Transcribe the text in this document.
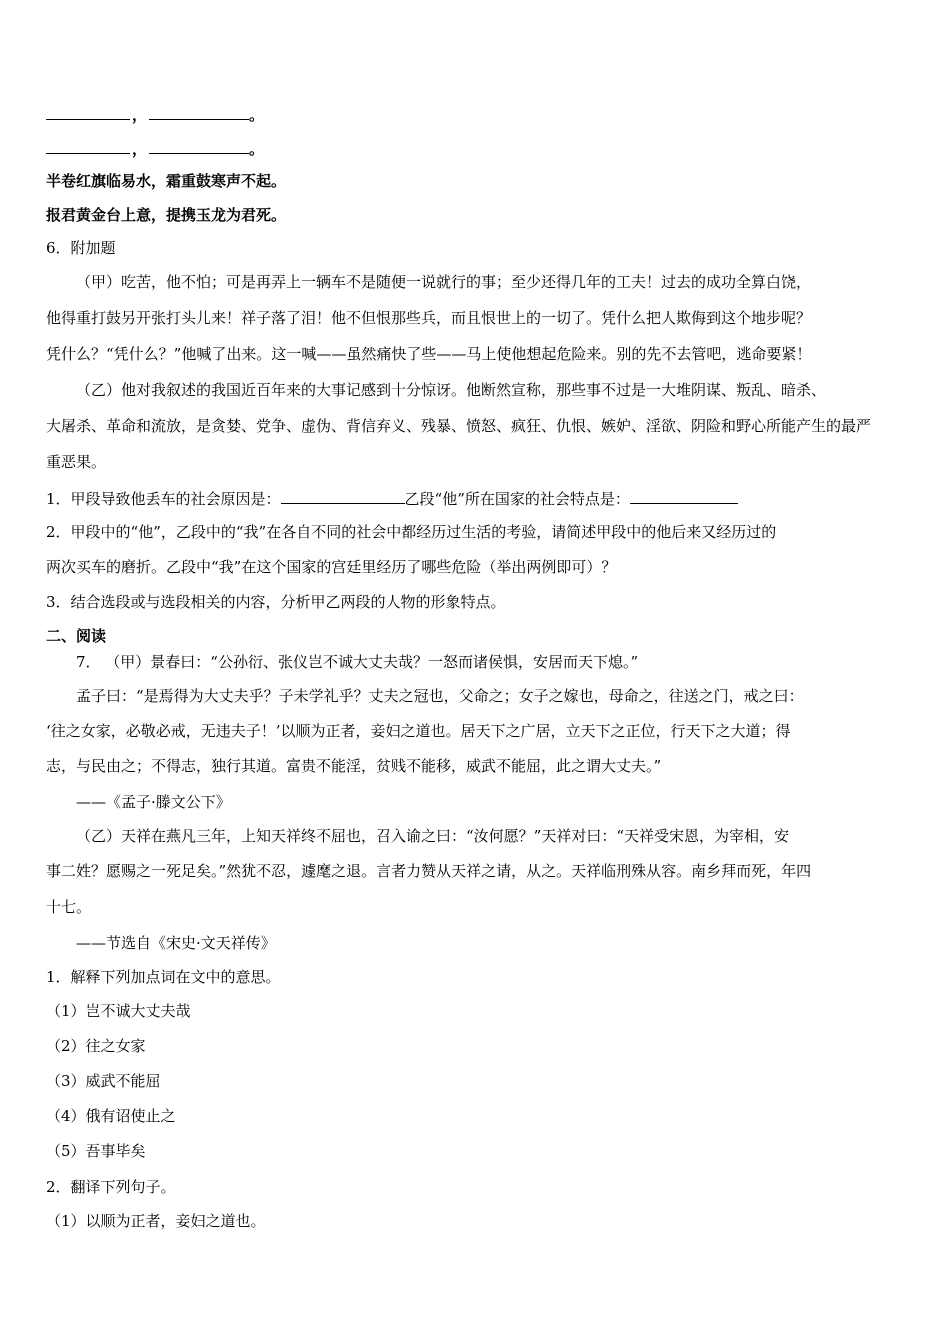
，	。
，	。
半卷红旗临易水，霜重鼓寒声不起。
报君黄金台上意，提携玉龙为君死。
6．附加题
（甲）吃苦，他不怕；可是再弄上一辆车不是随便一说就行的事；至少还得几年的工夫！过去的成功全算白饶，
他得重打鼓另开张打头儿来！祥子落了泪！他不但恨那些兵，而且恨世上的一切了。凭什么把人欺侮到这个地步呢？
凭什么？“凭什么？”他喊了出来。这一喊——虽然痛快了些——马上使他想起危险来。别的先不去管吧，逃命要紧！
（乙）他对我叙述的我国近百年来的大事记感到十分惊讶。他断然宣称，那些事不过是一大堆阴谋、叛乱、暗杀、
大屠杀、革命和流放，是贪婪、党争、虚伪、背信弃义、残暴、愤怒、疯狂、仇恨、嫉妒、淫欲、阴险和野心所能产生的最严
重恶果。
1．甲段导致他丢车的社会原因是：	乙段“他”所在国家的社会特点是：
2．甲段中的“他”，乙段中的“我”在各自不同的社会中都经历过生活的考验，请简述甲段中的他后来又经历过的
两次买车的磨折。乙段中“我”在这个国家的宫廷里经历了哪些危险（举出两例即可）？
3．结合选段或与选段相关的内容，分析甲乙两段的人物的形象特点。
二、阅读
7． （甲）景春曰：“公孙衍、张仪岂不诚大丈夫哉？一怒而诸侯惧，安居而天下熄。”
孟子曰：“是焉得为大丈夫乎？子未学礼乎？丈夫之冠也，父命之；女子之嫁也，母命之，往送之门，戒之曰：
‘往之女家，必敬必戒，无违夫子！’以顺为正者，妾妇之道也。居天下之广居，立天下之正位，行天下之大道；得
志，与民由之；不得志，独行其道。富贵不能淫，贫贱不能移，威武不能屈，此之谓大丈夫。”
——《孟子·滕文公下》
（乙）天祥在燕凡三年，上知天祥终不屈也，召入谕之曰：“汝何愿？”天祥对曰：“天祥受宋恩，为宰相，安
事二姓？愿赐之一死足矣。”然犹不忍，遽麾之退。言者力赞从天祥之请，从之。天祥临刑殊从容。南乡拜而死，年四
十七。
——节选自《宋史·文天祥传》
1．解释下列加点词在文中的意思。
（1）岂不诚大丈夫哉
（2）往之女家
（3）威武不能屈
（4）俄有诏使止之
（5）吾事毕矣
2．翻译下列句子。
（1）以顺为正者，妾妇之道也。
